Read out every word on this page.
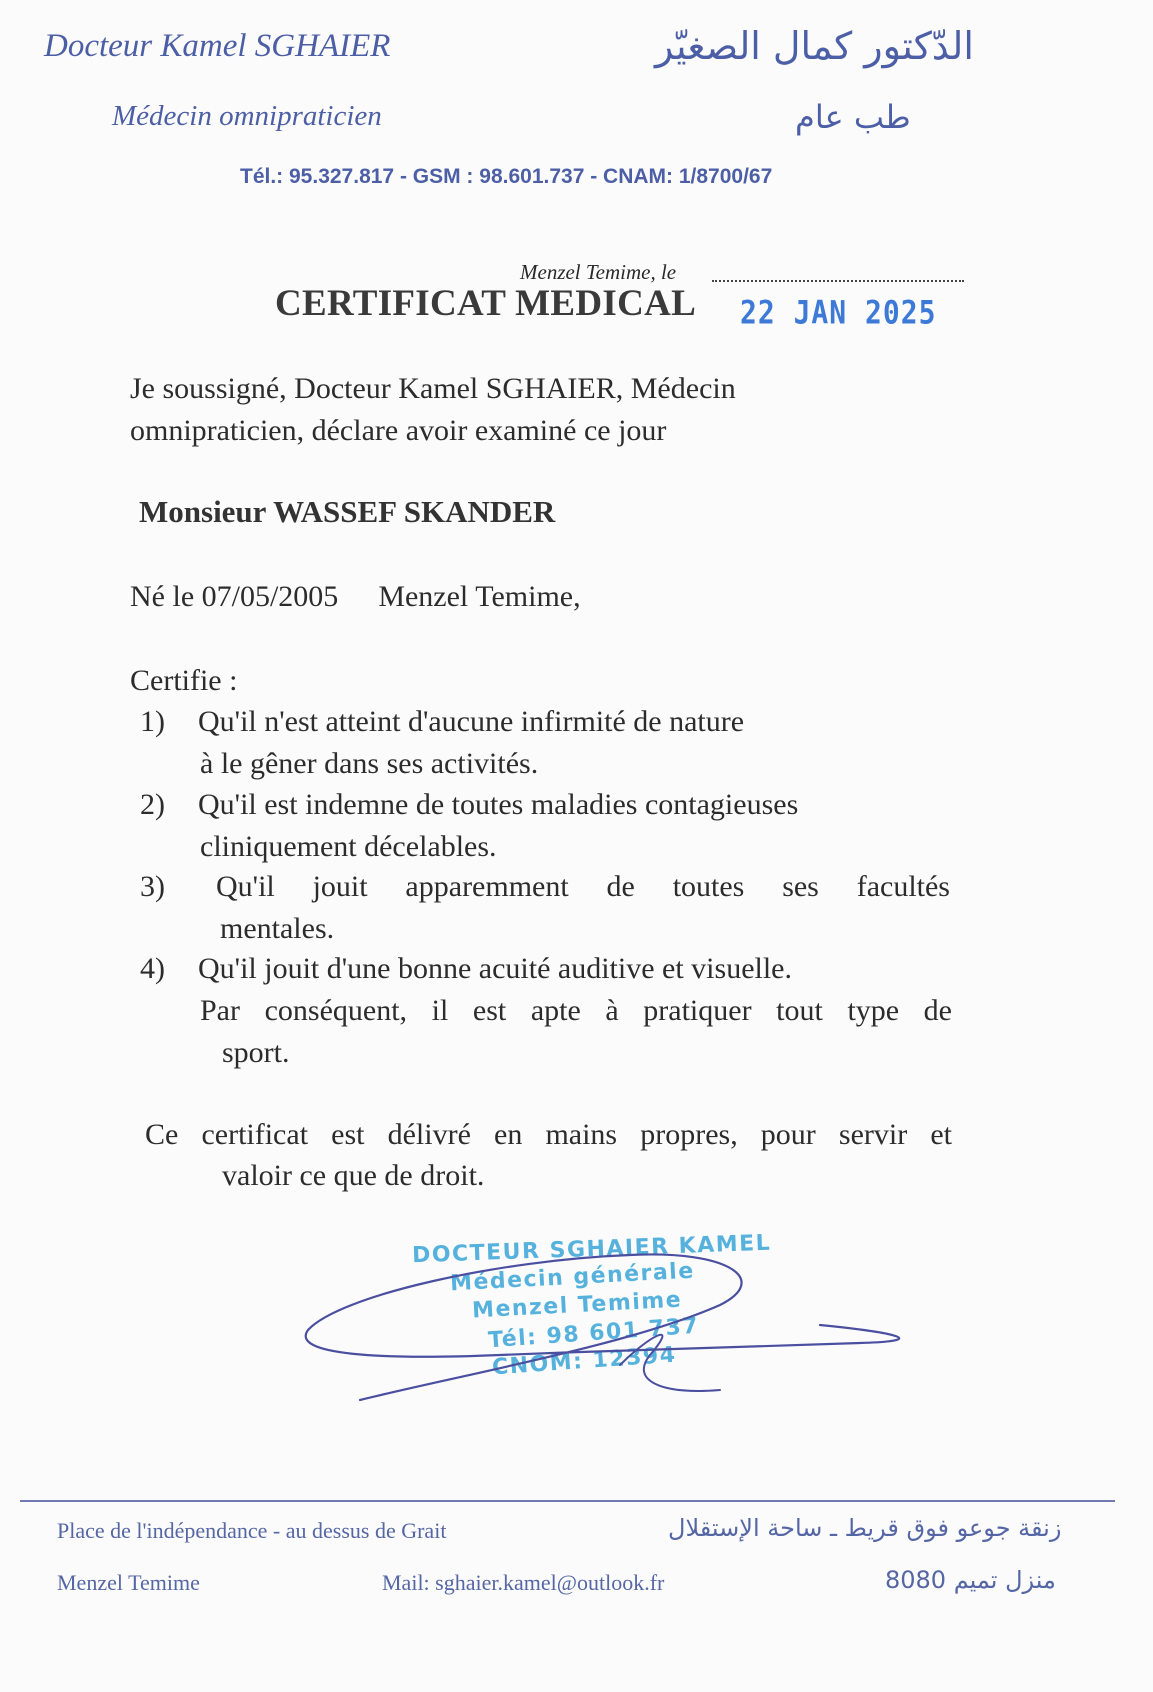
Docteur Kamel SGHAIER	الدّكتور كمال الصغيّر
Médecin omnipraticien	طب عام
Tél.: 95.327.817 - GSM : 98.601.737 - CNAM: 1/8700/67
Menzel Temime, le
CERTIFICAT MEDICAL 22 JAN 2025
Je soussigné, Docteur Kamel SGHAIER, Médecin
omnipraticien, déclare avoir examiné ce jour
Monsieur WASSEF SKANDER
Né le 07/05/2005 Menzel Temime,
Certifie :
1) Qu'il n'est atteint d'aucune infirmité de nature
à le gêner dans ses activités.
2) Qu'il est indemne de toutes maladies contagieuses
cliniquement décelables.
3) Qu'il jouit apparemment de toutes ses facultés
mentales.
4) Qu'il jouit d'une bonne acuité auditive et visuelle.
Par conséquent, il est apte à pratiquer tout type de
sport.
Ce certificat est délivré en mains propres, pour servir et
valoir ce que de droit.
DOCTEUR SGHAIER KAMEL
Médecin générale
Menzel Temime
Tél: 98 601 737
CNOM: 12394
Place de l'indépendance - au dessus de Grait	زنقة جوعو فوق قريط ـ ساحة الإستقلال
Menzel Temime	Mail: sghaier.kamel@outlook.fr	منزل تميم 8080
